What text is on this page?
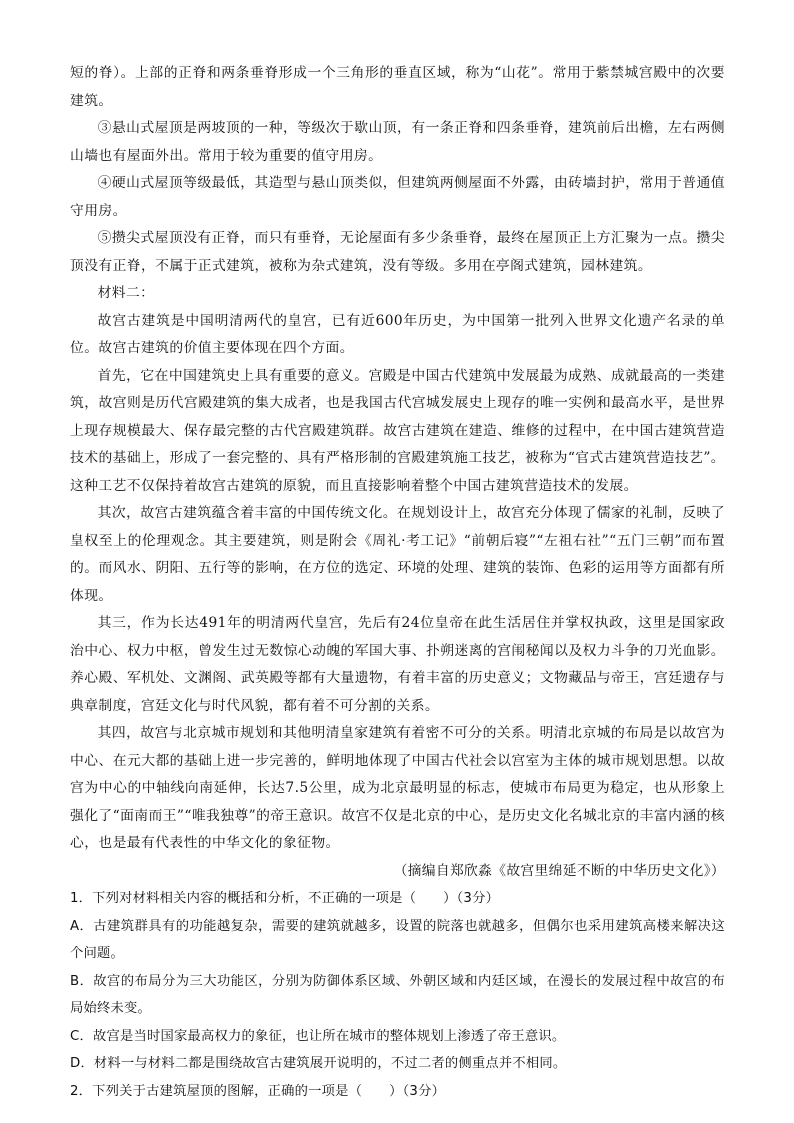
短的脊）。上部的正脊和两条垂脊形成一个三角形的垂直区域，称为“山花”。常用于紫禁城宫殿中的次要建筑。

③悬山式屋顶是两坡顶的一种，等级次于歇山顶，有一条正脊和四条垂脊，建筑前后出檐，左右两侧山墙也有屋面外出。常用于较为重要的值守用房。

④硬山式屋顶等级最低，其造型与悬山顶类似，但建筑两侧屋面不外露，由砖墙封护，常用于普通值守用房。

⑤攒尖式屋顶没有正脊，而只有垂脊，无论屋面有多少条垂脊，最终在屋顶正上方汇聚为一点。攒尖顶没有正脊，不属于正式建筑，被称为杂式建筑，没有等级。多用在亭阁式建筑，园林建筑。

材料二：

故宫古建筑是中国明清两代的皇宫，已有近600年历史，为中国第一批列入世界文化遗产名录的单位。故宫古建筑的价值主要体现在四个方面。

首先，它在中国建筑史上具有重要的意义。宫殿是中国古代建筑中发展最为成熟、成就最高的一类建筑，故宫则是历代宫殿建筑的集大成者，也是我国古代宫城发展史上现存的唯一实例和最高水平，是世界上现存规模最大、保存最完整的古代宫殿建筑群。故宫古建筑在建造、维修的过程中，在中国古建筑营造技术的基础上，形成了一套完整的、具有严格形制的宫殿建筑施工技艺，被称为“官式古建筑营造技艺”。这种工艺不仅保持着故宫古建筑的原貌，而且直接影响着整个中国古建筑营造技术的发展。

其次，故宫古建筑蕴含着丰富的中国传统文化。在规划设计上，故宫充分体现了儒家的礼制，反映了皇权至上的伦理观念。其主要建筑，则是附会《周礼·考工记》“前朝后寝”“左祖右社”“五门三朝”而布置的。而风水、阴阳、五行等的影响，在方位的选定、环境的处理、建筑的装饰、色彩的运用等方面都有所体现。

其三，作为长达491年的明清两代皇宫，先后有24位皇帝在此生活居住并掌权执政，这里是国家政治中心、权力中枢，曾发生过无数惊心动魄的军国大事、扑朔迷离的宫闱秘闻以及权力斗争的刀光血影。养心殿、军机处、文渊阁、武英殿等都有大量遗物，有着丰富的历史意义；文物藏品与帝王，宫廷遗存与典章制度，宫廷文化与时代风貌，都有着不可分割的关系。

其四，故宫与北京城市规划和其他明清皇家建筑有着密不可分的关系。明清北京城的布局是以故宫为中心、在元大都的基础上进一步完善的，鲜明地体现了中国古代社会以宫室为主体的城市规划思想。以故宫为中心的中轴线向南延伸，长达7.5公里，成为北京最明显的标志，使城市布局更为稳定，也从形象上强化了“面南而王”“唯我独尊”的帝王意识。故宫不仅是北京的中心，是历史文化名城北京的丰富内涵的核心，也是最有代表性的中华文化的象征物。

（摘编自郑欣淼《故宫里绵延不断的中华历史文化》）

1．下列对材料相关内容的概括和分析，不正确的一项是（　　）（3分）

A．古建筑群具有的功能越复杂，需要的建筑就越多，设置的院落也就越多，但偶尔也采用建筑高楼来解决这个问题。

B．故宫的布局分为三大功能区，分别为防御体系区域、外朝区域和内廷区域，在漫长的发展过程中故宫的布局始终未变。

C．故宫是当时国家最高权力的象征，也让所在城市的整体规划上渗透了帝王意识。

D．材料一与材料二都是围绕故宫古建筑展开说明的，不过二者的侧重点并不相同。

2．下列关于古建筑屋顶的图解，正确的一项是（　　）（3分）
